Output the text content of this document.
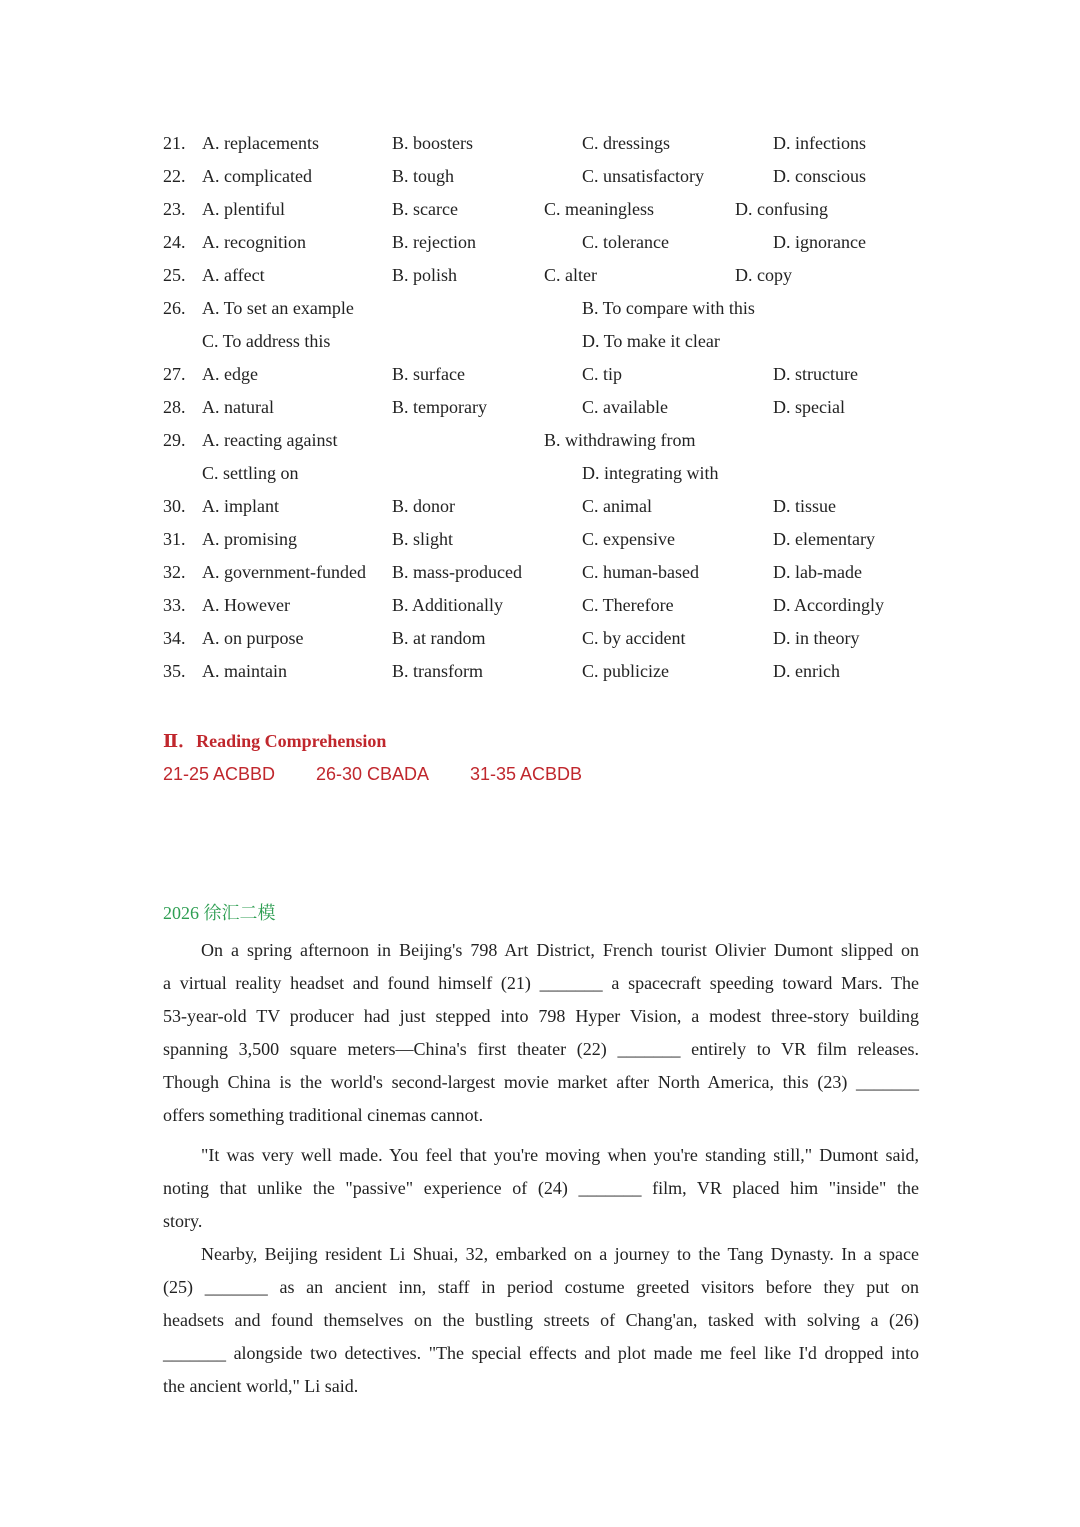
21. A. replacements	B. boosters	C. dressings	D. infections
22. A. complicated	B. tough	C. unsatisfactory	D. conscious
23. A. plentiful	B. scarce	C. meaningless	D. confusing
24. A. recognition	B. rejection	C. tolerance	D. ignorance
25. A. affect	B. polish	C. alter	D. copy
26. A. To set an example	B. To compare with this
C. To address this	D. To make it clear
27. A. edge	B. surface	C. tip	D. structure
28. A. natural	B. temporary	C. available	D. special
29. A. reacting against	B. withdrawing from
C. settling on	D. integrating with
30. A. implant	B. donor	C. animal	D. tissue
31. A. promising	B. slight	C. expensive	D. elementary
32. A. government-funded B. mass-produced	C. human-based	D. lab-made
33. A. However	B. Additionally	C. Therefore	D. Accordingly
34. A. on purpose	B. at random	C. by accident	D. in theory
35. A. maintain	B. transform	C. publicize	D. enrich
Ⅱ．Reading Comprehension
21-25 ACBBD 26-30 CBADA 31-35 ACBDB
2026 徐汇二模
On a spring afternoon in Beijing's 798 Art District, French tourist Olivier Dumont slipped on
a virtual reality headset and found himself (21) _______ a spacecraft speeding toward Mars. The
53-year-old TV producer had just stepped into 798 Hyper Vision, a modest three-story building
spanning 3,500 square meters—China's first theater (22) _______ entirely to VR film releases.
Though China is the world's second-largest movie market after North America, this (23) _______
offers something traditional cinemas cannot.
"It was very well made. You feel that you're moving when you're standing still," Dumont said,
noting that unlike the "passive" experience of (24) _______ film, VR placed him "inside" the
story.
Nearby, Beijing resident Li Shuai, 32, embarked on a journey to the Tang Dynasty. In a space
(25) _______ as an ancient inn, staff in period costume greeted visitors before they put on
headsets and found themselves on the bustling streets of Chang'an, tasked with solving a (26)
_______ alongside two detectives. "The special effects and plot made me feel like I'd dropped into
the ancient world," Li said.
